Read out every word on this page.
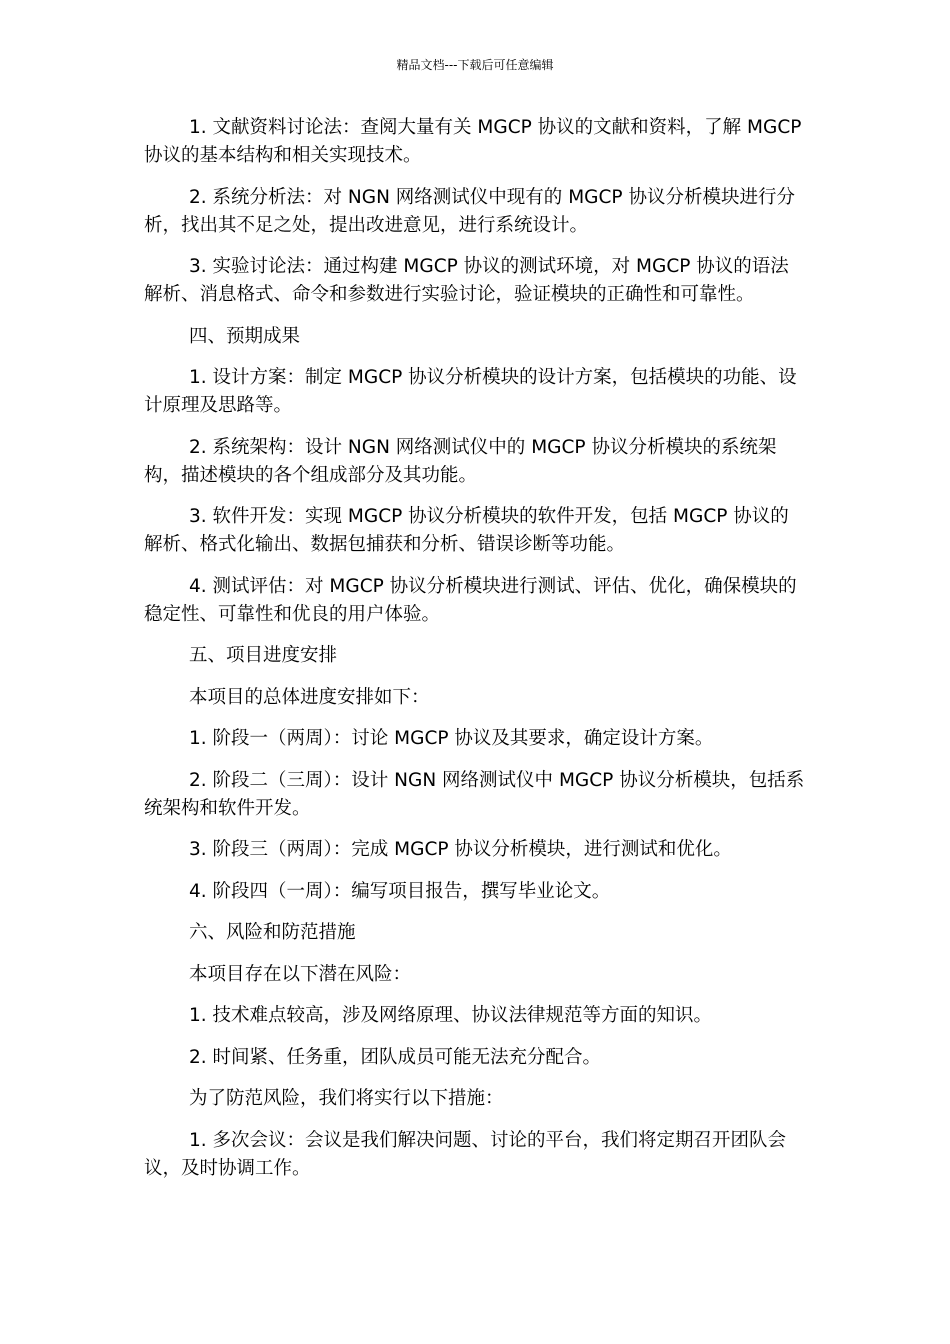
精品文档---下载后可任意编辑

1. 文献资料讨论法：查阅大量有关 MGCP 协议的文献和资料，了解 MGCP 协议的基本结构和相关实现技术。

2. 系统分析法：对 NGN 网络测试仪中现有的 MGCP 协议分析模块进行分析，找出其不足之处，提出改进意见，进行系统设计。

3. 实验讨论法：通过构建 MGCP 协议的测试环境，对 MGCP 协议的语法解析、消息格式、命令和参数进行实验讨论，验证模块的正确性和可靠性。

四、预期成果

1. 设计方案：制定 MGCP 协议分析模块的设计方案，包括模块的功能、设计原理及思路等。

2. 系统架构：设计 NGN 网络测试仪中的 MGCP 协议分析模块的系统架构，描述模块的各个组成部分及其功能。

3. 软件开发：实现 MGCP 协议分析模块的软件开发，包括 MGCP 协议的解析、格式化输出、数据包捕获和分析、错误诊断等功能。

4. 测试评估：对 MGCP 协议分析模块进行测试、评估、优化，确保模块的稳定性、可靠性和优良的用户体验。

五、项目进度安排

本项目的总体进度安排如下：

1. 阶段一（两周）：讨论 MGCP 协议及其要求，确定设计方案。

2. 阶段二（三周）：设计 NGN 网络测试仪中 MGCP 协议分析模块，包括系统架构和软件开发。

3. 阶段三（两周）：完成 MGCP 协议分析模块，进行测试和优化。

4. 阶段四（一周）：编写项目报告，撰写毕业论文。

六、风险和防范措施

本项目存在以下潜在风险：

1. 技术难点较高，涉及网络原理、协议法律规范等方面的知识。

2. 时间紧、任务重，团队成员可能无法充分配合。

为了防范风险，我们将实行以下措施：

1. 多次会议：会议是我们解决问题、讨论的平台，我们将定期召开团队会议，及时协调工作。
